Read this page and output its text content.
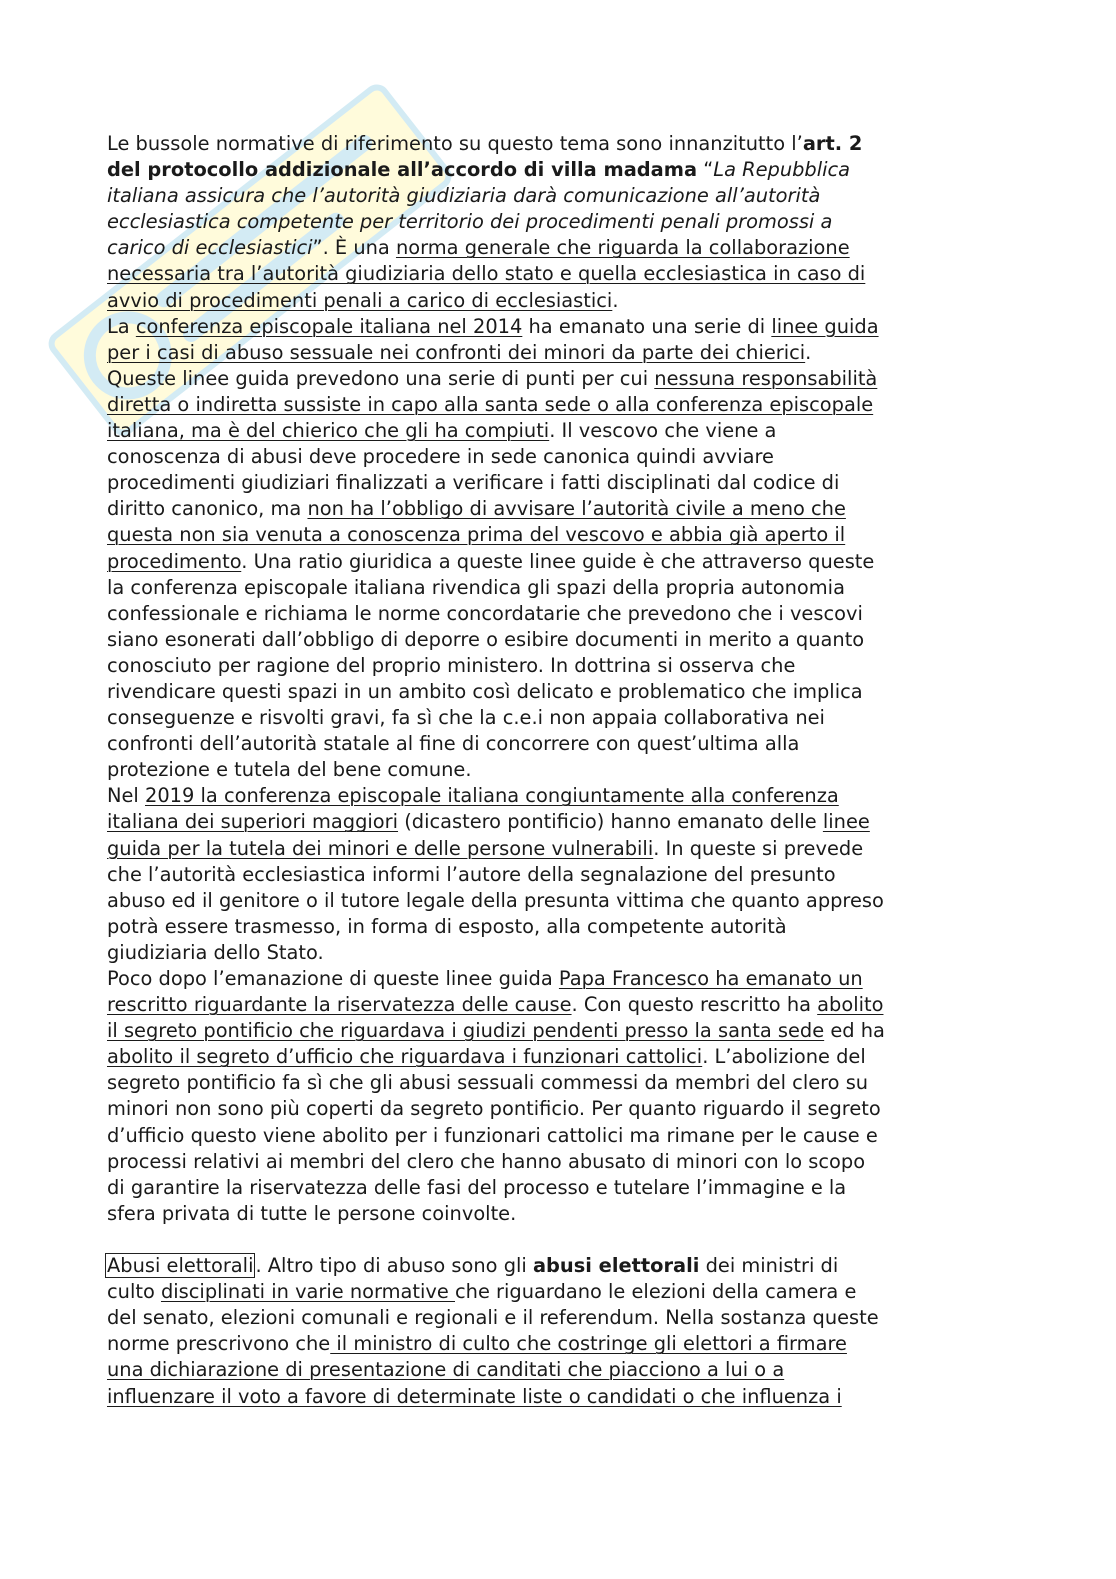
Le bussole normative di riferimento su questo tema sono innanzitutto l’art. 2
del protocollo addizionale all’accordo di villa madama “La Repubblica
italiana assicura che l’autorità giudiziaria darà comunicazione all’autorità
ecclesiastica competente per territorio dei procedimenti penali promossi a
carico di ecclesiastici”. È una norma generale che riguarda la collaborazione
necessaria tra l’autorità giudiziaria dello stato e quella ecclesiastica in caso di
avvio di procedimenti penali a carico di ecclesiastici.
La conferenza episcopale italiana nel 2014 ha emanato una serie di linee guida
per i casi di abuso sessuale nei confronti dei minori da parte dei chierici.
Queste linee guida prevedono una serie di punti per cui nessuna responsabilità
diretta o indiretta sussiste in capo alla santa sede o alla conferenza episcopale
italiana, ma è del chierico che gli ha compiuti. Il vescovo che viene a
conoscenza di abusi deve procedere in sede canonica quindi avviare
procedimenti giudiziari finalizzati a verificare i fatti disciplinati dal codice di
diritto canonico, ma non ha l’obbligo di avvisare l’autorità civile a meno che
questa non sia venuta a conoscenza prima del vescovo e abbia già aperto il
procedimento. Una ratio giuridica a queste linee guide è che attraverso queste
la conferenza episcopale italiana rivendica gli spazi della propria autonomia
confessionale e richiama le norme concordatarie che prevedono che i vescovi
siano esonerati dall’obbligo di deporre o esibire documenti in merito a quanto
conosciuto per ragione del proprio ministero. In dottrina si osserva che
rivendicare questi spazi in un ambito così delicato e problematico che implica
conseguenze e risvolti gravi, fa sì che la c.e.i non appaia collaborativa nei
confronti dell’autorità statale al fine di concorrere con quest’ultima alla
protezione e tutela del bene comune.
Nel 2019 la conferenza episcopale italiana congiuntamente alla conferenza
italiana dei superiori maggiori (dicastero pontificio) hanno emanato delle linee
guida per la tutela dei minori e delle persone vulnerabili. In queste si prevede
che l’autorità ecclesiastica informi l’autore della segnalazione del presunto
abuso ed il genitore o il tutore legale della presunta vittima che quanto appreso
potrà essere trasmesso, in forma di esposto, alla competente autorità
giudiziaria dello Stato.
Poco dopo l’emanazione di queste linee guida Papa Francesco ha emanato un
rescritto riguardante la riservatezza delle cause. Con questo rescritto ha abolito
il segreto pontificio che riguardava i giudizi pendenti presso la santa sede ed ha
abolito il segreto d’ufficio che riguardava i funzionari cattolici. L’abolizione del
segreto pontificio fa sì che gli abusi sessuali commessi da membri del clero su
minori non sono più coperti da segreto pontificio. Per quanto riguardo il segreto
d’ufficio questo viene abolito per i funzionari cattolici ma rimane per le cause e
processi relativi ai membri del clero che hanno abusato di minori con lo scopo
di garantire la riservatezza delle fasi del processo e tutelare l’immagine e la
sfera privata di tutte le persone coinvolte.
Abusi elettorali . Altro tipo di abuso sono gli abusi elettorali dei ministri di
culto disciplinati in varie normative che riguardano le elezioni della camera e
del senato, elezioni comunali e regionali e il referendum. Nella sostanza queste
norme prescrivono che il ministro di culto che costringe gli elettori a firmare
una dichiarazione di presentazione di canditati che piacciono a lui o a
influenzare il voto a favore di determinate liste o candidati o che influenza i
